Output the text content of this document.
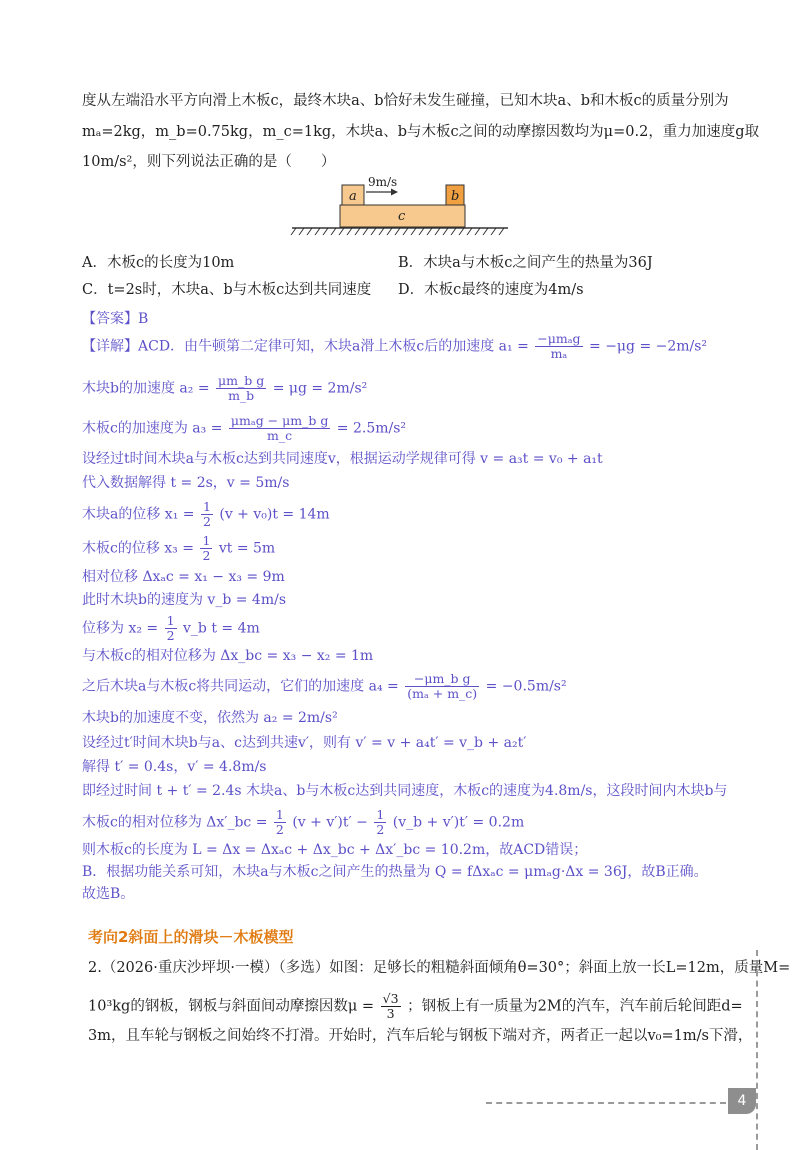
度从左端沿水平方向滑上木板c，最终木块a、b恰好未发生碰撞，已知木块a、b和木板c的质量分别为
mₐ=2kg，m_b=0.75kg，m_c=1kg，木块a、b与木板c之间的动摩擦因数均为μ=0.2，重力加速度g取
10m/s²，则下列说法正确的是（　　）
9m/s
a	b
c
A．木板c的长度为10m	B．木块a与木板c之间产生的热量为36J
C．t=2s时，木块a、b与木板c达到共同速度 D．木板c最终的速度为4m/s
【答案】B
【详解】ACD．由牛顿第二定律可知，木块a滑上木板c后的加速度 $a_1 = \frac{\text{−μmₐg}}{\text{mₐ}} = -\mu g = -2m/s^2$
木块b的加速度 $a_2 = \frac{\text{μm\_b g}}{m\_b} = \mu g = 2m/s^2$
木板c的加速度为 $a_3 = \frac{\text{μmₐg − μm\_b g}}{m\_c} = 2.5m/s^2$
设经过t时间木块a与木板c达到共同速度v，根据运动学规律可得 v = a₃t = v₀ + a₁t
代入数据解得 t = 2s，v = 5m/s
木块a的位移 $x_1 = \frac{1}{2} (v + v_0)t = 14m$
木板c的位移 $x_3 = \frac{1}{2}$ vt = 5m
相对位移 Δxₐc = x₁ − x₃ = 9m
此时木块b的速度为 v_b = 4m/s
位移为 $x_2 = \frac{1}{2}$ v_b t = 4m
与木板c的相对位移为 Δx_bc = x₃ − x₂ = 1m
之后木块a与木板c将共同运动，它们的加速度 $a_4 = \frac{\text{−μm\_b g}}{\text{(mₐ + m\_c)}} = -0.5m/s^2$
木块b的加速度不变，依然为 a₂ = 2m/s²
设经过t′时间木块b与a、c达到共速v′，则有 v′ = v + a₄t′ = v_b + a₂t′
解得 t′ = 0.4s，v′ = 4.8m/s
即经过时间 t + t′ = 2.4s 木块a、b与木板c达到共同速度，木板c的速度为4.8m/s，这段时间内木块b与
木板c的相对位移为 Δx′_bc = $\frac{1}{2} (v + v')t' - \frac{1}{2}$ (v_b + v′)t′ = 0.2m
则木板c的长度为 L = Δx = Δxₐc + Δx_bc + Δx′_bc = 10.2m，故ACD错误；
B．根据功能关系可知，木块a与木板c之间产生的热量为 Q = fΔxₐc = μmₐg·Δx = 36J，故B正确。
故选B。
考向2斜面上的滑块－木板模型
2.（2026·重庆沙坪坝·一模）（多选）如图：足够长的粗糙斜面倾角θ=30°；斜面上放一长L=12m，质量M=
10³kg的钢板，钢板与斜面间动摩擦因数$\mu = \frac{√3}{3}$ ；钢板上有一质量为2M的汽车，汽车前后轮间距d=
3m，且车轮与钢板之间始终不打滑。开始时，汽车后轮与钢板下端对齐，两者正一起以v₀=1m/s下滑，
4
